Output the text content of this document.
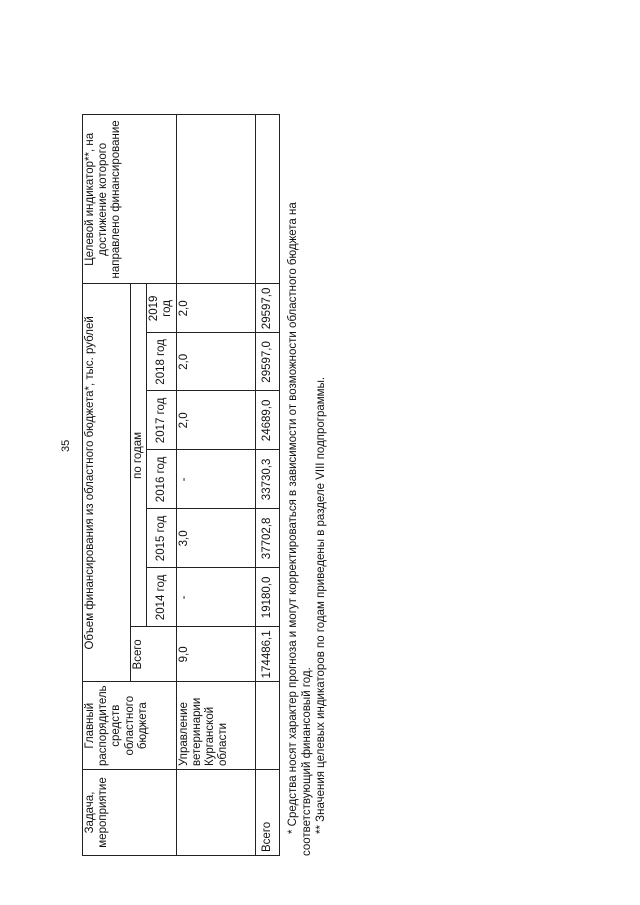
35
Задача, мероприятие	Главный распорядитель средств областного бюджета	Объем финансирования из областного бюджета*, тыс. рублей							Целевой индикатор**, на достижение которого направлено финансирование
		Всего	по годам						
			2014 год	2015 год	2016 год	2017 год	2018 год	2019 год	
	Управление ветеринарии Курганской области	9,0	-	3,0	-	2,0	2,0	2,0	
Всего		174486,1	19180,0	37702,8	33730,3	24689,0	29597,0	29597,0	* Средства носят характер прогноза и могут корректироваться в зависимости от возможности областного бюджета на соответствующий финансовый год. ** Значения целевых индикаторов по годам приведены в разделе VIII подпрограммы.
